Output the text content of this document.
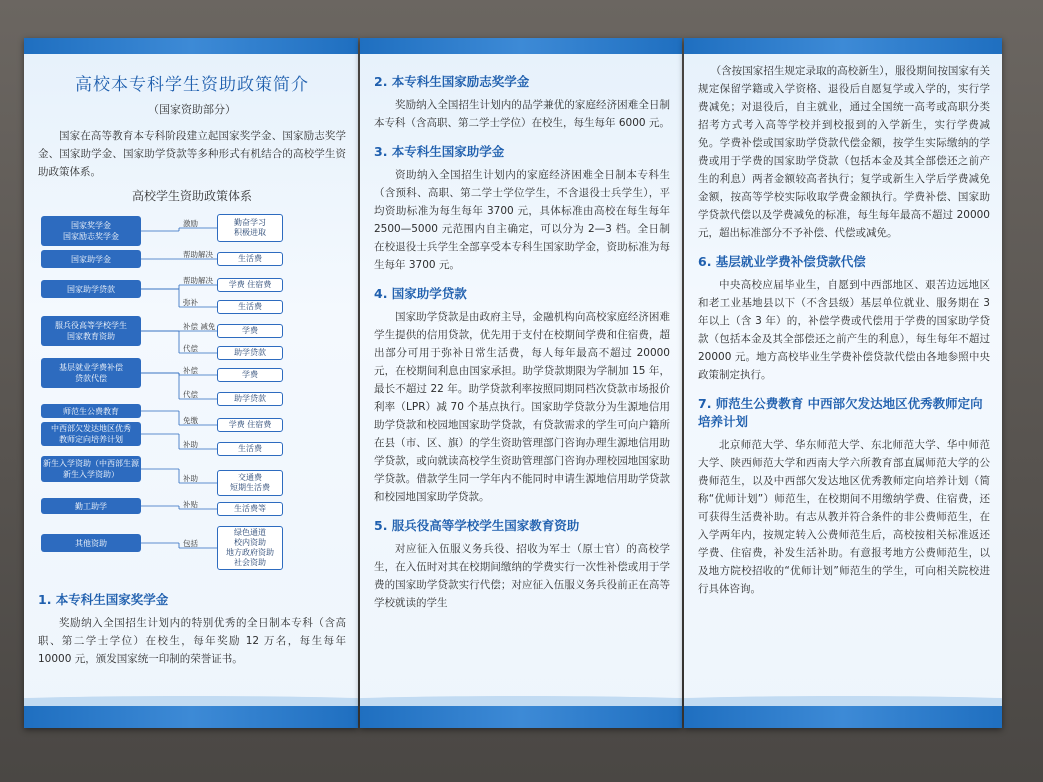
高校本专科学生资助政策简介
（国家资助部分）

国家在高等教育本专科阶段建立起国家奖学金、国家励志奖学金、国家助学金、国家助学贷款等多种形式有机结合的高校学生资助政策体系。

高校学生资助政策体系
国家奖学金
国家励志奖学金
国家助学金
国家助学贷款
服兵役高等学校学生
国家教育资助
基层就业学费补偿
贷款代偿
师范生公费教育
中西部欠发达地区优秀
教师定向培养计划
新生入学资助（中西部生源
新生入学资助）
勤工助学
其他资助
勤奋学习
积极进取
激励
生活费
帮助解决
学费 住宿费
帮助解决
生活费
弥补
学费
补偿 减免
助学贷款
代偿
学费
补偿
助学贷款
代偿
学费 住宿费
免缴
生活费
补助
交通费
短期生活费
补助
生活费等
补贴
绿色通道
校内资助
地方政府资助
社会资助
包括
1. 本专科生国家奖学金

奖励纳入全国招生计划内的特别优秀的全日制本专科（含高职、第二学士学位）在校生，每年奖励 12 万名，每生每年 10000 元，颁发国家统一印制的荣誉证书。

2. 本专科生国家励志奖学金

奖励纳入全国招生计划内的品学兼优的家庭经济困难全日制本专科（含高职、第二学士学位）在校生，每生每年 6000 元。

3. 本专科生国家助学金

资助纳入全国招生计划内的家庭经济困难全日制本专科生（含预科、高职、第二学士学位学生，不含退役士兵学生），平均资助标准为每生每年 3700 元，具体标准由高校在每生每年 2500—5000 元范围内自主确定，可以分为 2—3 档。全日制在校退役士兵学生全部享受本专科生国家助学金，资助标准为每生每年 3700 元。

4. 国家助学贷款

国家助学贷款是由政府主导，金融机构向高校家庭经济困难学生提供的信用贷款，优先用于支付在校期间学费和住宿费，超出部分可用于弥补日常生活费，每人每年最高不超过 20000 元，在校期间利息由国家承担。助学贷款期限为学制加 15 年，最长不超过 22 年。助学贷款利率按照同期同档次贷款市场报价利率（LPR）减 70 个基点执行。国家助学贷款分为生源地信用助学贷款和校园地国家助学贷款，有贷款需求的学生可向户籍所在县（市、区、旗）的学生资助管理部门咨询办理生源地信用助学贷款，或向就读高校学生资助管理部门咨询办理校园地国家助学贷款。借款学生同一学年内不能同时申请生源地信用助学贷款和校园地国家助学贷款。

5. 服兵役高等学校学生国家教育资助

对应征入伍服义务兵役、招收为军士（原士官）的高校学生，在入伍时对其在校期间缴纳的学费实行一次性补偿或用于学费的国家助学贷款实行代偿；对应征入伍服义务兵役前正在高等学校就读的学生

（含按国家招生规定录取的高校新生），服役期间按国家有关规定保留学籍或入学资格、退役后自愿复学或入学的，实行学费减免；对退役后，自主就业，通过全国统一高考或高职分类招考方式考入高等学校并到校报到的入学新生，实行学费减免。学费补偿或国家助学贷款代偿金额，按学生实际缴纳的学费或用于学费的国家助学贷款（包括本金及其全部偿还之前产生的利息）两者金额较高者执行；复学或新生入学后学费减免金额，按高等学校实际收取学费金额执行。学费补偿、国家助学贷款代偿以及学费减免的标准，每生每年最高不超过 20000 元，超出标准部分不予补偿、代偿或减免。

6. 基层就业学费补偿贷款代偿

中央高校应届毕业生，自愿到中西部地区、艰苦边远地区和老工业基地县以下（不含县级）基层单位就业、服务期在 3 年以上（含 3 年）的，补偿学费或代偿用于学费的国家助学贷款（包括本金及其全部偿还之前产生的利息），每生每年不超过 20000 元。地方高校毕业生学费补偿贷款代偿由各地参照中央政策制定执行。

7. 师范生公费教育 中西部欠发达地区优秀教师定向培养计划

北京师范大学、华东师范大学、东北师范大学、华中师范大学、陕西师范大学和西南大学六所教育部直属师范大学的公费师范生，以及中西部欠发达地区优秀教师定向培养计划（简称“优师计划”）师范生，在校期间不用缴纳学费、住宿费，还可获得生活费补助。有志从教并符合条件的非公费师范生，在入学两年内，按规定转入公费师范生后，高校按相关标准返还学费、住宿费，补发生活补助。有意报考地方公费师范生，以及地方院校招收的“优师计划”师范生的学生，可向相关院校进行具体咨询。
